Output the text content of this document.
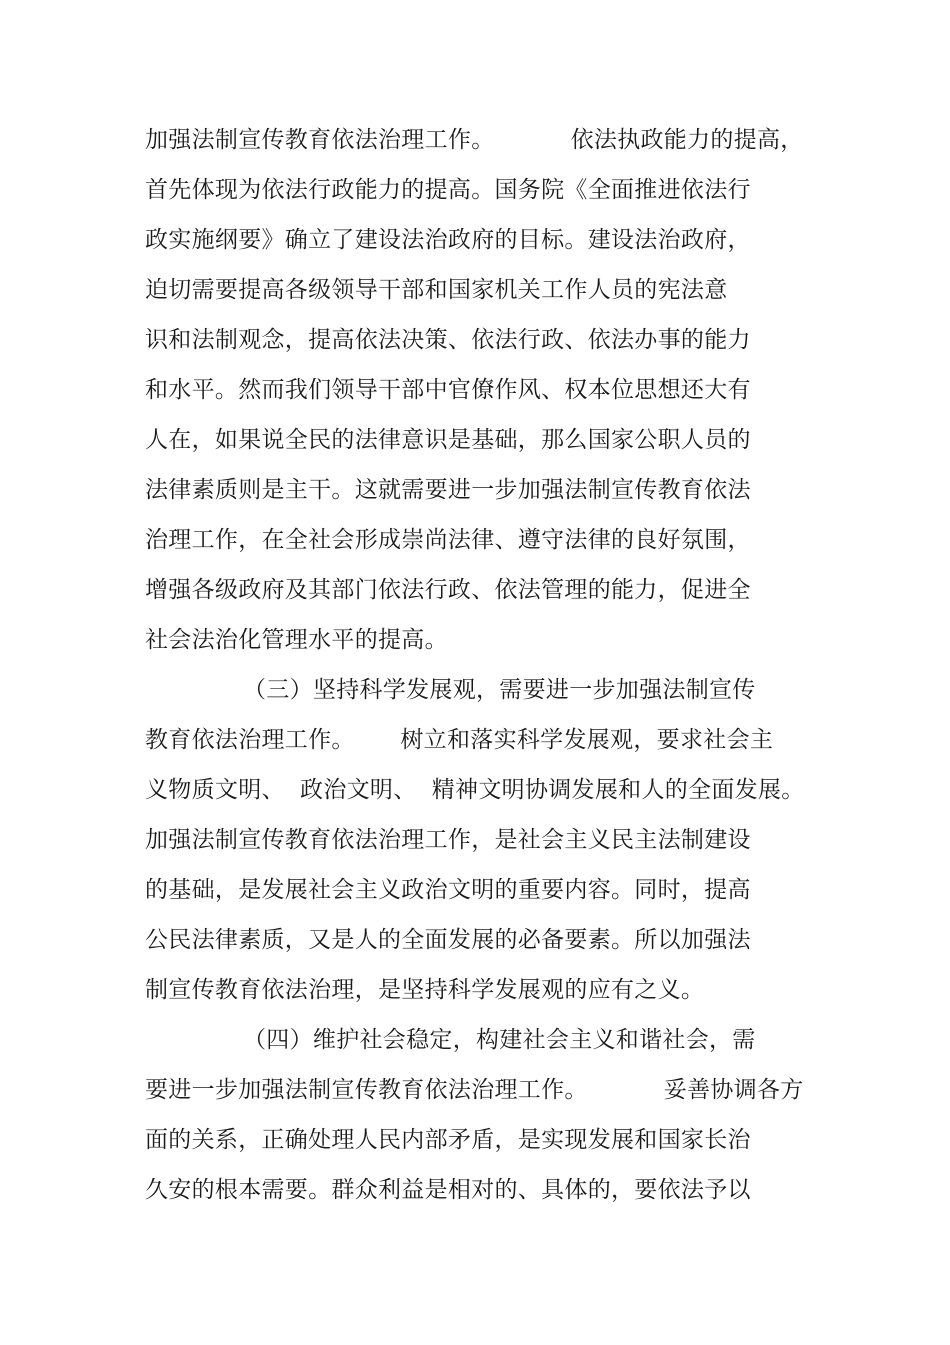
加强法制宣传教育依法治理工作。          依法执政能力的提高，
首先体现为依法行政能力的提高。国务院《全面推进依法行
政实施纲要》确立了建设法治政府的目标。建设法治政府，
迫切需要提高各级领导干部和国家机关工作人员的宪法意
识和法制观念，提高依法决策、依法行政、依法办事的能力
和水平。然而我们领导干部中官僚作风、权本位思想还大有
人在，如果说全民的法律意识是基础，那么国家公职人员的
法律素质则是主干。这就需要进一步加强法制宣传教育依法
治理工作，在全社会形成崇尚法律、遵守法律的良好氛围，
增强各级政府及其部门依法行政、依法管理的能力，促进全
社会法治化管理水平的提高。
（三）坚持科学发展观，需要进一步加强法制宣传
教育依法治理工作。      树立和落实科学发展观，要求社会主
义物质文明、  政治文明、  精神文明协调发展和人的全面发展。
加强法制宣传教育依法治理工作，是社会主义民主法制建设
的基础，是发展社会主义政治文明的重要内容。同时，提高
公民法律素质，又是人的全面发展的必备要素。所以加强法
制宣传教育依法治理，是坚持科学发展观的应有之义。
（四）维护社会稳定，构建社会主义和谐社会，需
要进一步加强法制宣传教育依法治理工作。          妥善协调各方
面的关系，正确处理人民内部矛盾，是实现发展和国家长治
久安的根本需要。群众利益是相对的、具体的，要依法予以
